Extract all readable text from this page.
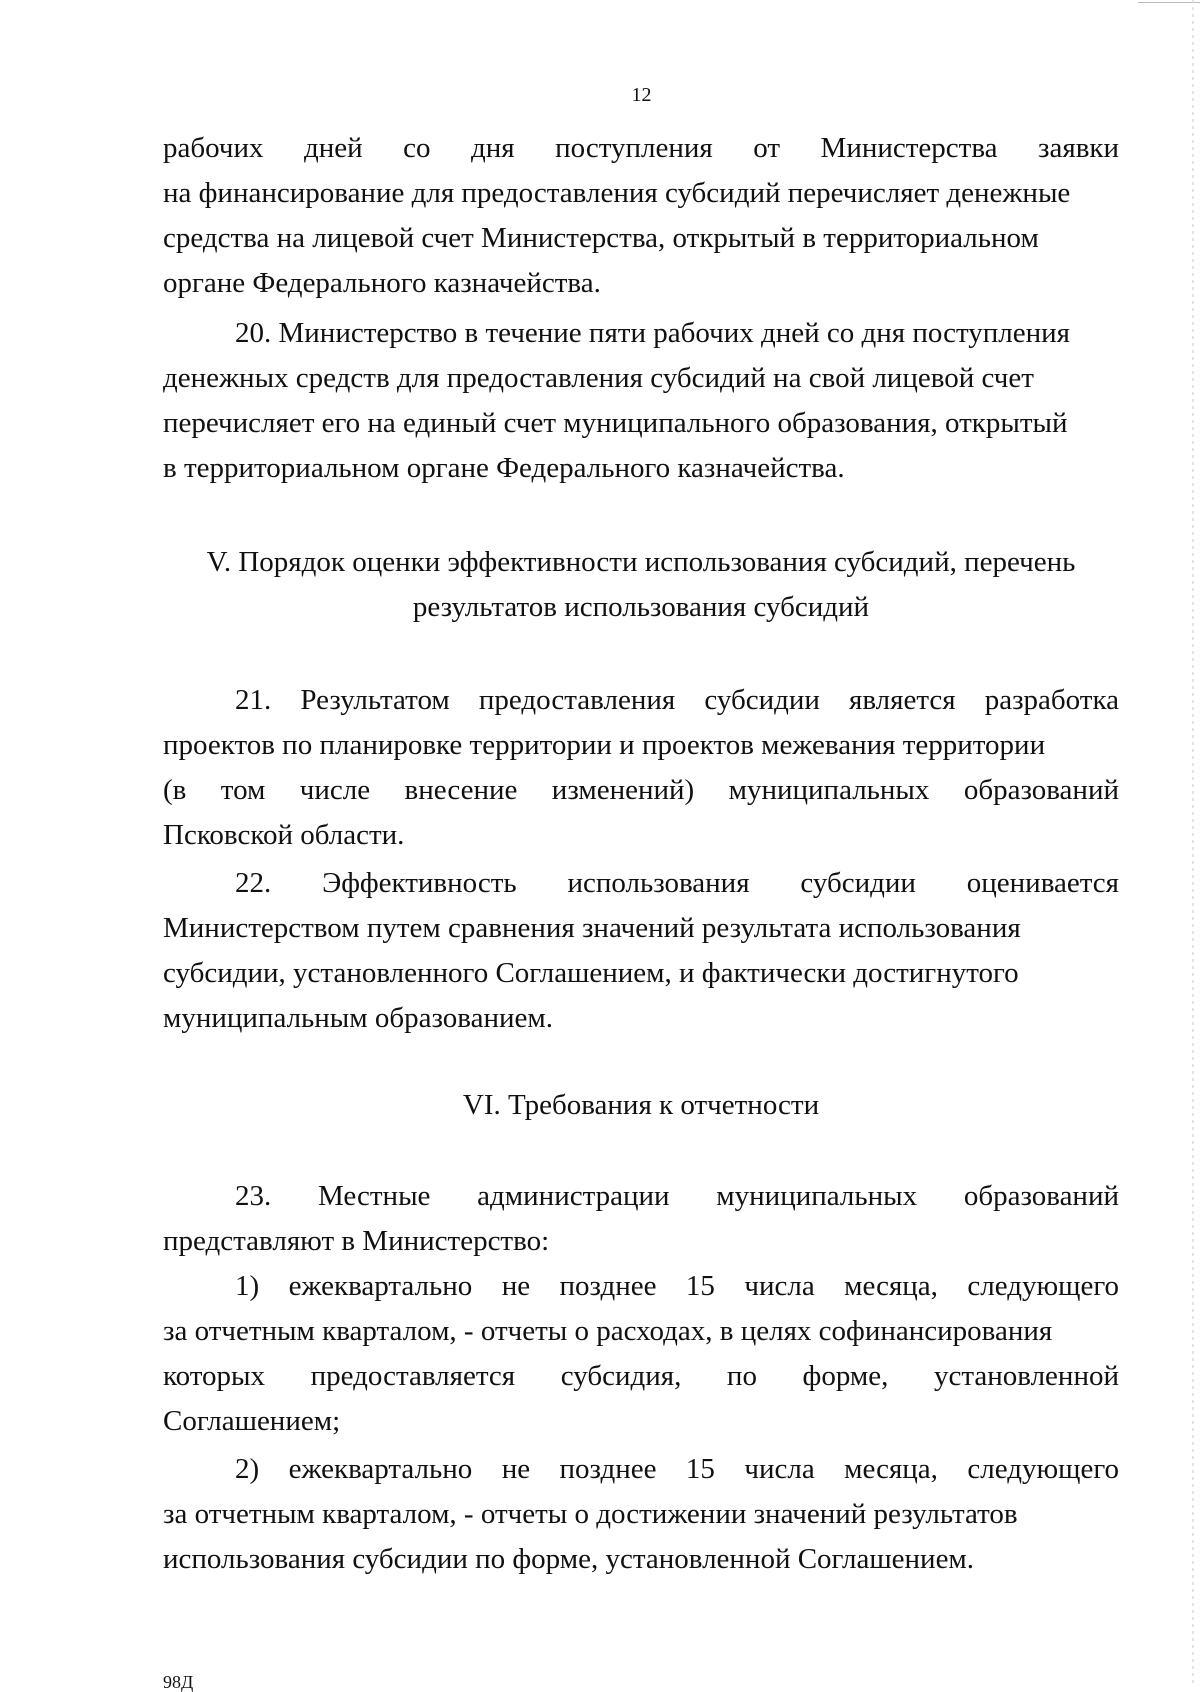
12
рабочих дней со дня поступления от Министерства заявки
на финансирование для предоставления субсидий перечисляет денежные
средства на лицевой счет Министерства, открытый в территориальном
органе Федерального казначейства.
20. Министерство в течение пяти рабочих дней со дня поступления
денежных средств для предоставления субсидий на свой лицевой счет
перечисляет его на единый счет муниципального образования, открытый
в территориальном органе Федерального казначейства.
V. Порядок оценки эффективности использования субсидий, перечень
результатов использования субсидий
21. Результатом предоставления субсидии является разработка
проектов по планировке территории и проектов межевания территории
(в том числе внесение изменений) муниципальных образований
Псковской области.
22. Эффективность использования субсидии оценивается
Министерством путем сравнения значений результата использования
субсидии, установленного Соглашением, и фактически достигнутого
муниципальным образованием.
VI. Требования к отчетности
23. Местные администрации муниципальных образований
представляют в Министерство:
1) ежеквартально не позднее 15 числа месяца, следующего
за отчетным кварталом, - отчеты о расходах, в целях софинансирования
которых предоставляется субсидия, по форме, установленной
Соглашением;
2) ежеквартально не позднее 15 числа месяца, следующего
за отчетным кварталом, - отчеты о достижении значений результатов
использования субсидии по форме, установленной Соглашением.
98Д
